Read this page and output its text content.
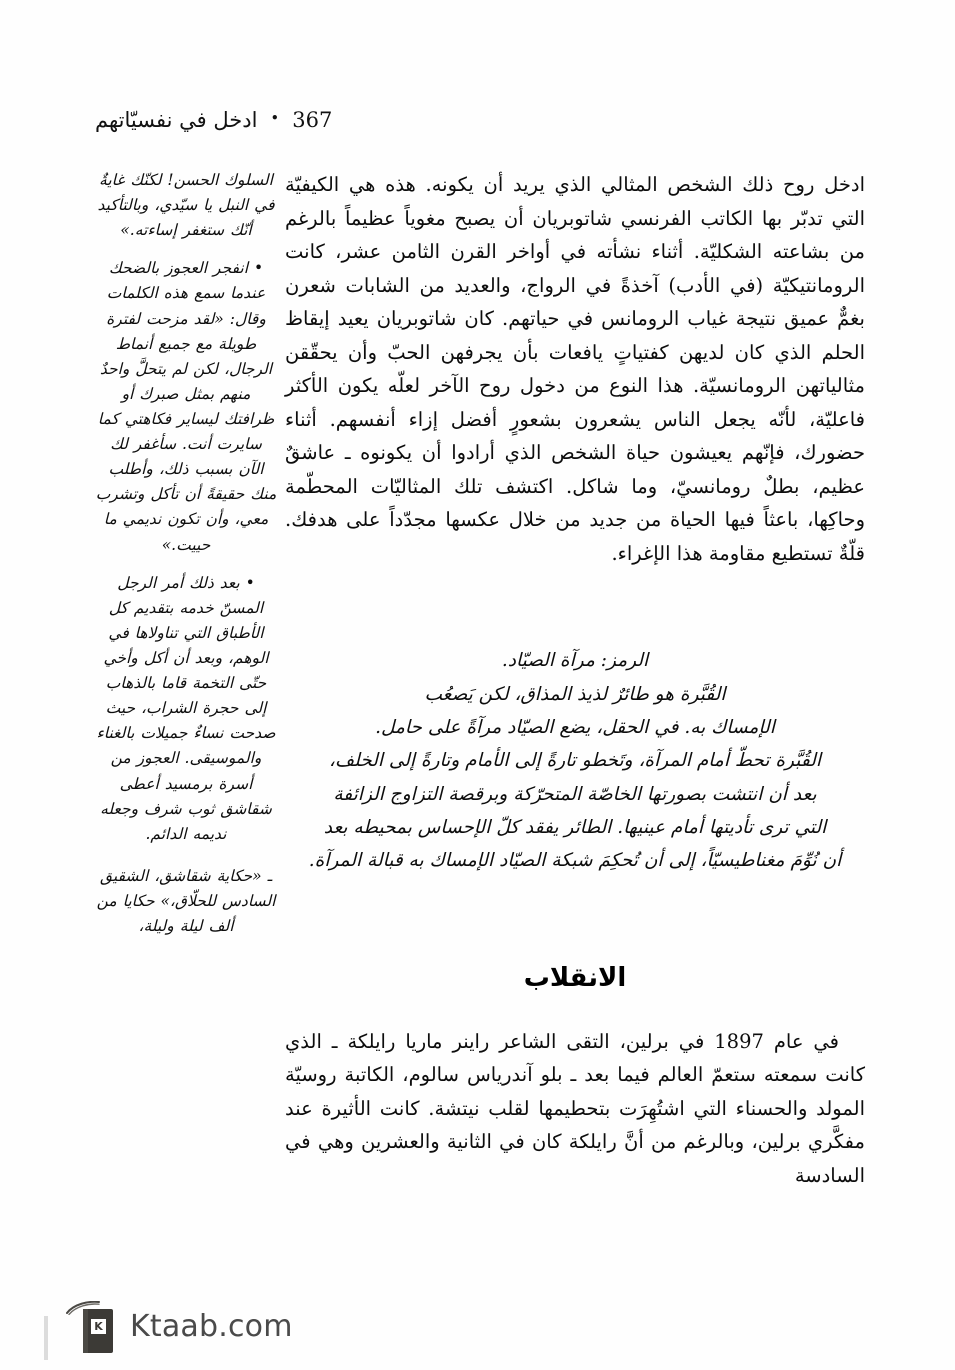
ادخل في نفسيّاتهم • 367

السلوك الحسن! لكنّك غايةٌ في النبل يا سيّدي، وبالتأكيد أنّك ستغفر إساءته.»

• انفجر العجوز بالضحك عندما سمع هذه الكلمات وقال: «لقد مزحت لفترة طويلة مع جميع أنماط الرجال، لكن لم يتحلَّ واحدٌ منهم بمثل صبرك أو ظرافتك ليساير فكاهتي كما سايرت أنت. سأغفر لك الآن بسبب ذلك، وأطلب منك حقيقةً أن تأكل وتشرب معي، وأن تكون نديمي ما حييت.»

• بعد ذلك أمر الرجل المسنّ خدمه بتقديم كل الأطباق التي تناولاها في الوهم، وبعد أن أكل وأخي حتّى التخمة قاما بالذهاب إلى حجرة الشراب، حيث صدحت نساءٌ جميلات بالغناء والموسيقى. العجوز من أسرة برمسيد أعطى شقاشق ثوب شرف وجعله نديمه الدائم.

ـ «حكاية شقاشق، الشقيق السادس للحلّاق،» حكايا من ألف ليلة وليلة،

ادخل روح ذلك الشخص المثالي الذي يريد أن يكونه. هذه هي الكيفيّة التي تدبّر بها الكاتب الفرنسي شاتوبريان أن يصبح مغوياً عظيماً بالرغم من بشاعته الشكليّة. أثناء نشأته في أواخر القرن الثامن عشر، كانت الرومانتيكيّة (في الأدب) آخذةً في الرواج، والعديد من الشابات شعرن بغمٌّ عميق نتيجة غياب الرومانس في حياتهم. كان شاتوبريان يعيد إيقاظ الحلم الذي كان لديهن كفتياتٍ يافعات بأن يجرفهن الحبّ وأن يحقّقن مثالياتهن الرومانسيّة. هذا النوع من دخول روح الآخر لعلّه يكون الأكثر فاعليّة، لأنّه يجعل الناس يشعرون بشعورٍ أفضل إزاء أنفسهم. أثناء حضورك، فإنّهم يعيشون حياة الشخص الذي أرادوا أن يكونوه ـ عاشقٌ عظيم، بطلٌ رومانسيّ، وما شاكل. اكتشف تلك المثاليّات المحطّمة وحاكِها، باعثاً فيها الحياة من جديد من خلال عكسها مجدّداً على هدفك. قلّةٌ تستطيع مقاومة هذا الإغراء.

الرمز: مرآة الصيّاد.

القُبَّرة هو طائرٌ لذيذ المذاق، لكن يَصعُب

الإمساك به. في الحقل، يضع الصيّاد مرآةً على حامل.

القُبَّرة تحطّ أمام المرآة، وتَخطو تارةً إلى الأمام وتارةً إلى الخلف،

بعد أن انتشت بصورتها الخاصّة المتحرّكة وبرقصة التزاوج الزائفة

التي ترى تأديتها أمام عينيها. الطائر يفقد كلّ الإحساس بمحيطه بعد

أن نُوِّمَ مغناطيسيّاً، إلى أن تُحكِمَ شبكة الصيّاد الإمساك به قبالة المرآة.

الانقلاب

في عام 1897 في برلين، التقى الشاعر راينر ماريا رايلكة ـ الذي كانت سمعته ستعمّ العالم فيما بعد ـ بلو آندرياس سالوم، الكاتبة روسيّة المولد والحسناء التي اشتُهِرَت بتحطيمها لقلب نيتشة. كانت الأثيرة عند مفكَّري برلين، وبالرغم من أنَّ رايلكة كان في الثانية والعشرين وهي في السادسة

K Ktaab.com
